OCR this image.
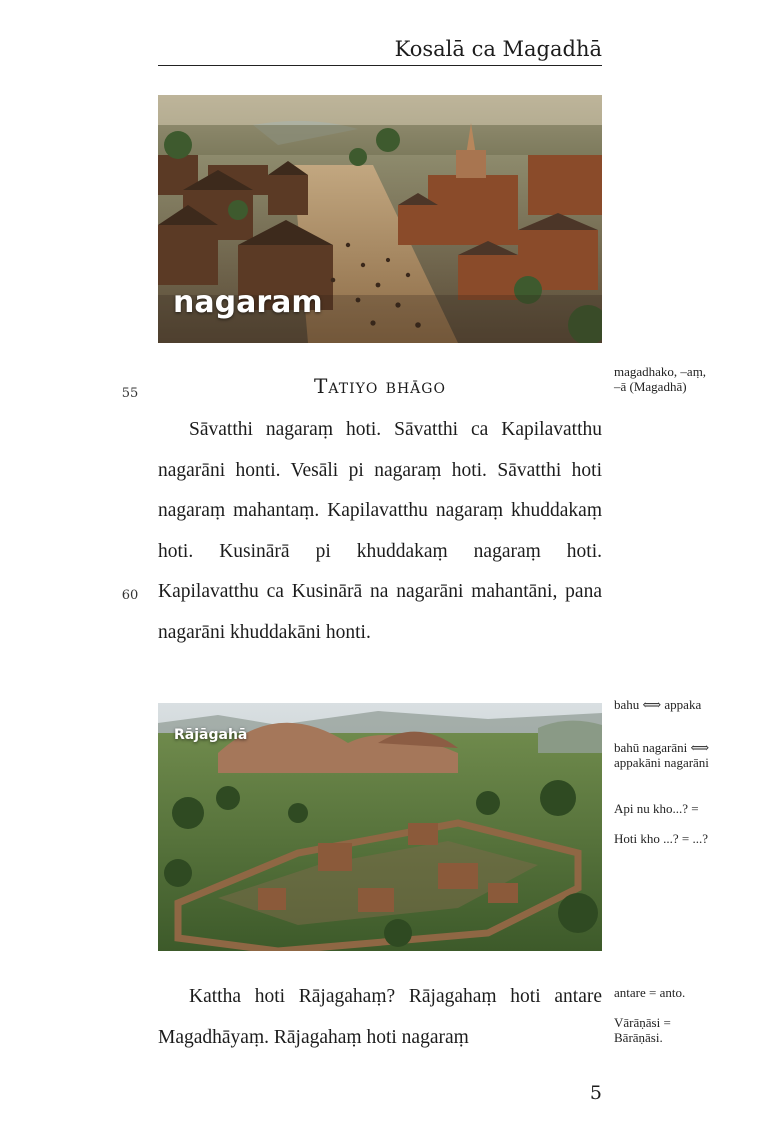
Kosalā ca Magadhā
nagaram
55	Tatiyo bhāgo
magadhako, –aṃ, –ā (Magadhā)

Sāvatthi nagaraṃ hoti. Sāvatthi ca Kapilavatthu nagarāni honti. Vesāli pi nagaraṃ hoti. Sāvatthi hoti nagaraṃ mahantaṃ. Kapilavatthu nagaraṃ khuddakaṃ hoti. Kusinārā pi khuddakaṃ nagaraṃ hoti. Kapilavatthu ca Kusinārā na nagarāni mahantāni, pana nagarāni khuddakāni honti.

60
Rājāgahā
bahu ⟺ appaka
bahū nagarāni ⟺ appakāni nagarāni
Api nu kho...? =
Hoti kho ...? = ...?

Kattha hoti Rājagahaṃ? Rājagahaṃ hoti antare Magadhāyaṃ. Rājagahaṃ hoti nagaraṃ

antare = anto.
Vārāṇāsi = Bārāṇāsi.
5
